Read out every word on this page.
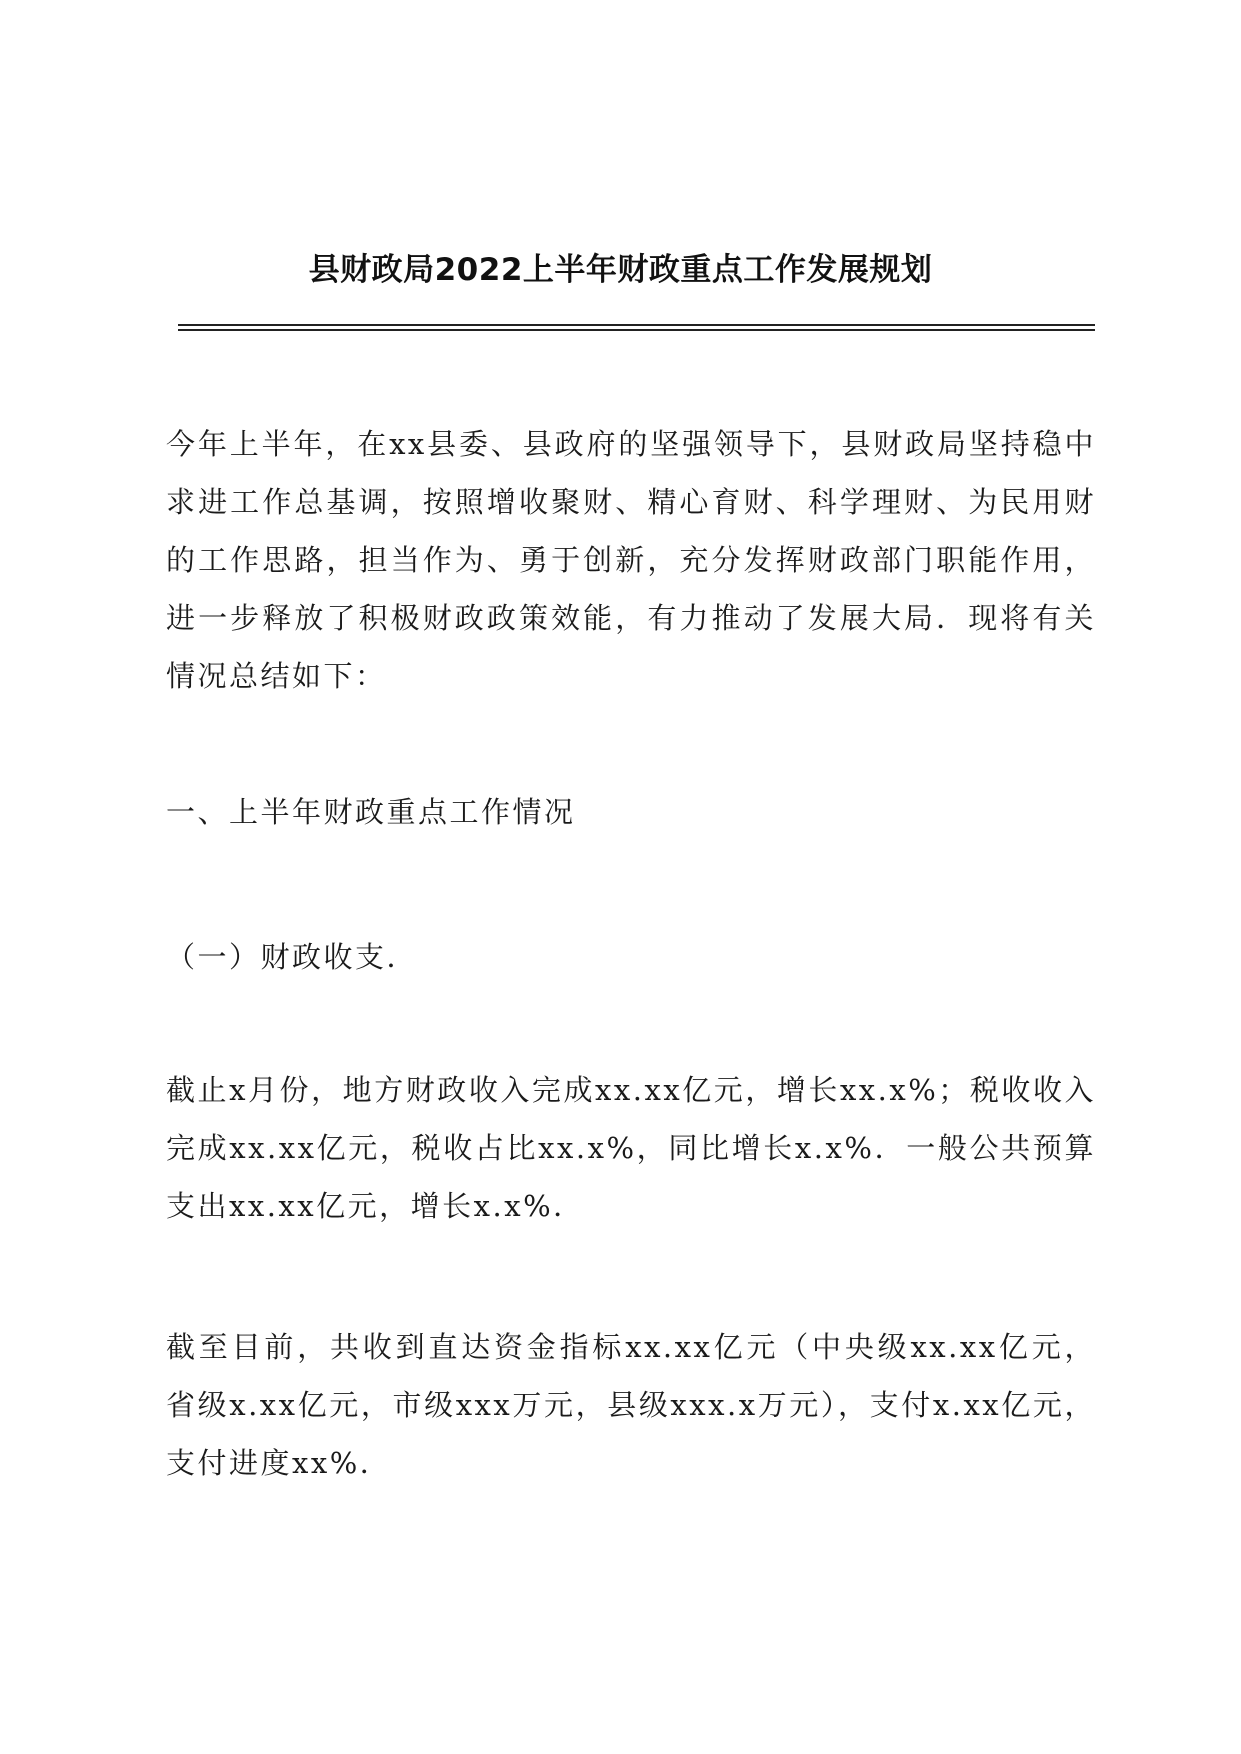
县财政局2022上半年财政重点工作发展规划
今年上半年，在xx县委、县政府的坚强领导下，县财政局坚持稳中求进工作总基调，按照增收聚财、精心育财、科学理财、为民用财的工作思路，担当作为、勇于创新，充分发挥财政部门职能作用，进一步释放了积极财政政策效能，有力推动了发展大局．现将有关情况总结如下：
一、上半年财政重点工作情况
（一）财政收支．
截止x月份，地方财政收入完成xx.xx亿元，增长xx.x%；税收收入完成xx.xx亿元，税收占比xx.x%，同比增长x.x%．一般公共预算支出xx.xx亿元，增长x.x%．
截至目前，共收到直达资金指标xx.xx亿元（中央级xx.xx亿元，省级x.xx亿元，市级xxx万元，县级xxx.x万元），支付x.xx亿元，支付进度xx%．
